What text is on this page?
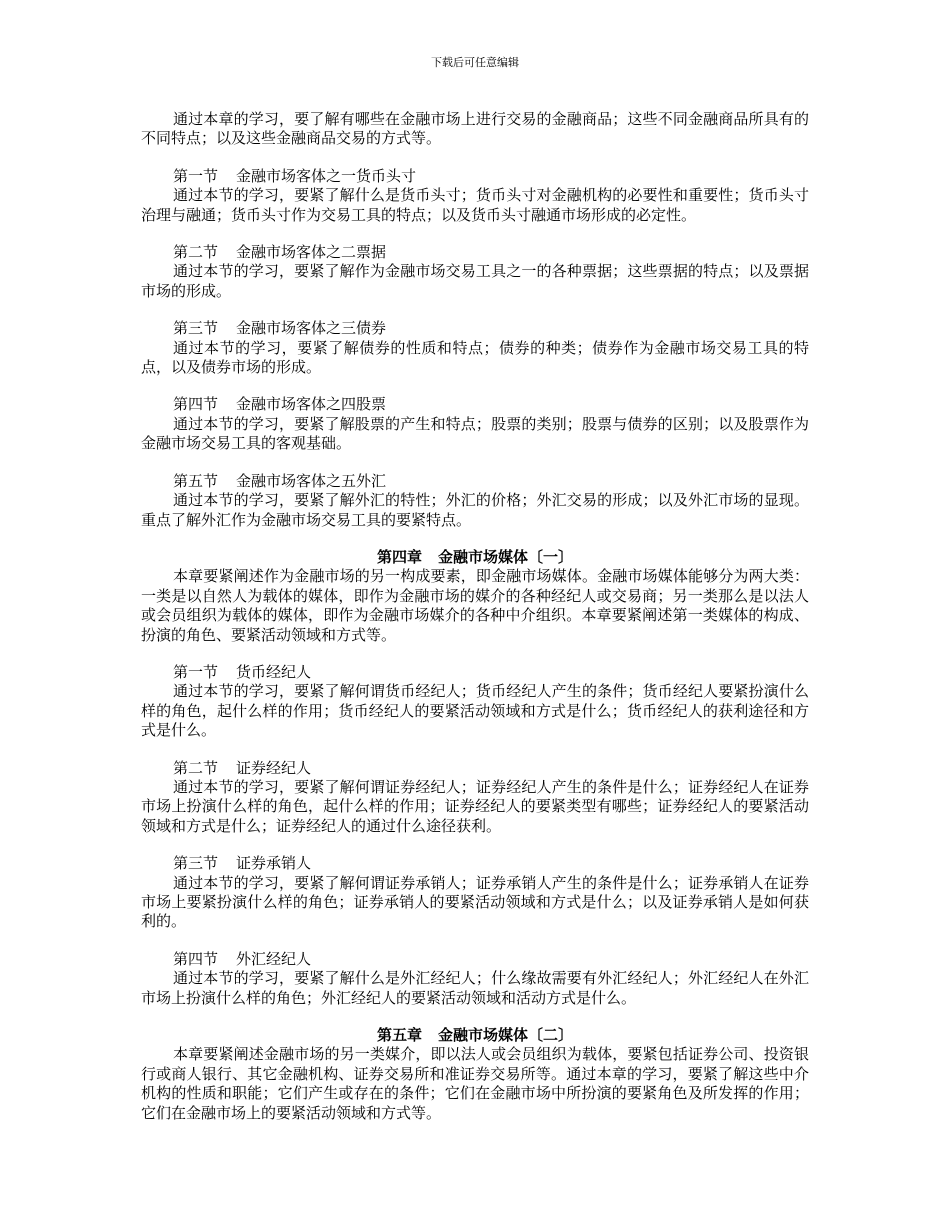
下载后可任意编辑

通过本章的学习，要了解有哪些在金融市场上进行交易的金融商品；这些不同金融商品所具有的不同特点；以及这些金融商品交易的方式等。

第一节 金融市场客体之一货币头寸

通过本节的学习，要紧了解什么是货币头寸；货币头寸对金融机构的必要性和重要性；货币头寸治理与融通；货币头寸作为交易工具的特点；以及货币头寸融通市场形成的必定性。

第二节 金融市场客体之二票据

通过本节的学习，要紧了解作为金融市场交易工具之一的各种票据；这些票据的特点；以及票据市场的形成。

第三节 金融市场客体之三债券

通过本节的学习，要紧了解债券的性质和特点；债券的种类；债券作为金融市场交易工具的特点，以及债券市场的形成。

第四节 金融市场客体之四股票

通过本节的学习，要紧了解股票的产生和特点；股票的类别；股票与债券的区别；以及股票作为金融市场交易工具的客观基础。

第五节 金融市场客体之五外汇

通过本节的学习，要紧了解外汇的特性；外汇的价格；外汇交易的形成；以及外汇市场的显现。重点了解外汇作为金融市场交易工具的要紧特点。

第四章 金融市场媒体〔一〕

本章要紧阐述作为金融市场的另一构成要素，即金融市场媒体。金融市场媒体能够分为两大类：一类是以自然人为载体的媒体，即作为金融市场的媒介的各种经纪人或交易商；另一类那么是以法人或会员组织为载体的媒体，即作为金融市场媒介的各种中介组织。本章要紧阐述第一类媒体的构成、扮演的角色、要紧活动领域和方式等。

第一节 货币经纪人

通过本节的学习，要紧了解何谓货币经纪人；货币经纪人产生的条件；货币经纪人要紧扮演什么样的角色，起什么样的作用；货币经纪人的要紧活动领域和方式是什么；货币经纪人的获利途径和方式是什么。

第二节 证券经纪人

通过本节的学习，要紧了解何谓证券经纪人；证券经纪人产生的条件是什么；证券经纪人在证券市场上扮演什么样的角色，起什么样的作用；证券经纪人的要紧类型有哪些；证券经纪人的要紧活动领域和方式是什么；证券经纪人的通过什么途径获利。

第三节 证券承销人

通过本节的学习，要紧了解何谓证券承销人；证券承销人产生的条件是什么；证券承销人在证券市场上要紧扮演什么样的角色；证券承销人的要紧活动领域和方式是什么；以及证券承销人是如何获利的。

第四节 外汇经纪人

通过本节的学习，要紧了解什么是外汇经纪人；什么缘故需要有外汇经纪人；外汇经纪人在外汇市场上扮演什么样的角色；外汇经纪人的要紧活动领域和活动方式是什么。

第五章 金融市场媒体〔二〕

本章要紧阐述金融市场的另一类媒介，即以法人或会员组织为载体，要紧包括证券公司、投资银行或商人银行、其它金融机构、证券交易所和准证券交易所等。通过本章的学习，要紧了解这些中介机构的性质和职能；它们产生或存在的条件；它们在金融市场中所扮演的要紧角色及所发挥的作用；它们在金融市场上的要紧活动领域和方式等。
